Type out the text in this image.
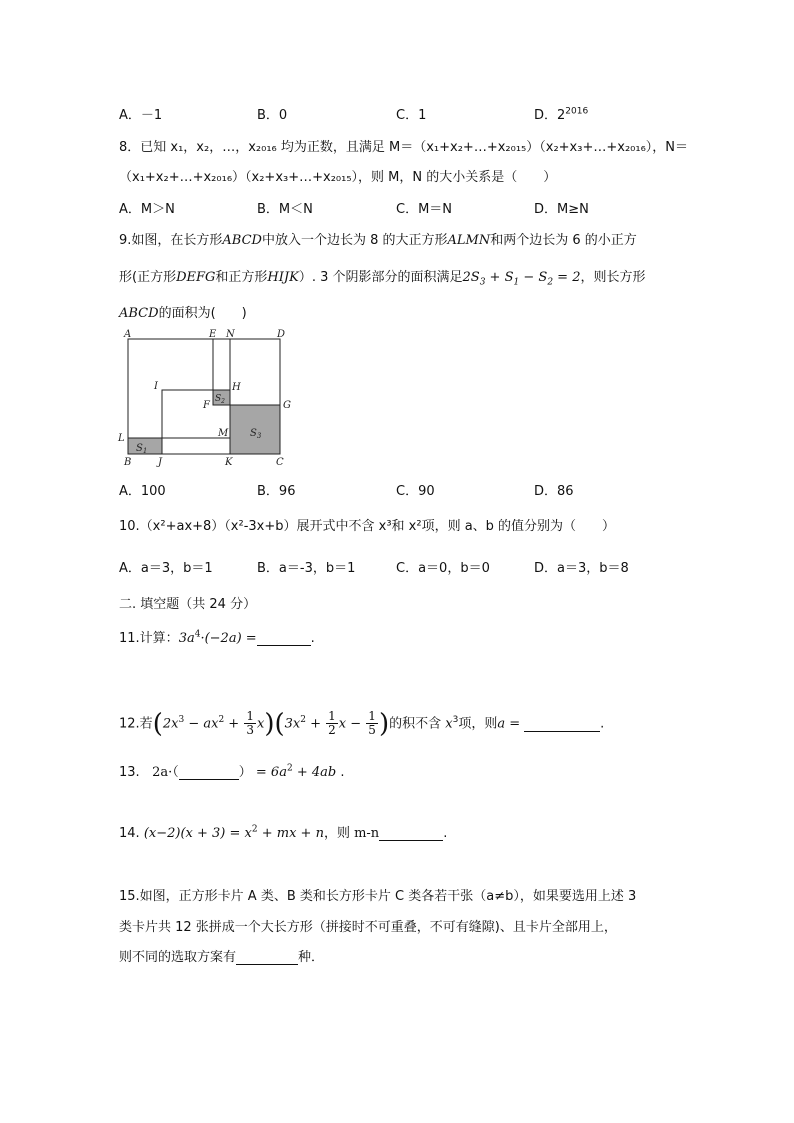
A．－1	B．0	C．1	D．$2^{2016}$
8．已知 x₁，x₂，…，x₂₀₁₆ 均为正数，且满足 M＝（x₁+x₂+…+x₂₀₁₅）（x₂+x₃+…+x₂₀₁₆），N＝
（x₁+x₂+…+x₂₀₁₆）（x₂+x₃+…+x₂₀₁₅），则 M，N 的大小关系是（　　）
A．M＞N	B．M＜N	C．M＝N	D．M≥N
9.如图，在长方形ABCD中放入一个边长为 8 的大正方形ALMN和两个边长为 6 的小正方
形(正方形DEFG和正方形HIJK）. 3 个阴影部分的面积满足$2S_3 + S_1 - S_2 = 2$，则长方形
ABCD的面积为(　　)
A	E N	D
I	H
F	G
L	M
B	J	K	C
$S_1$
$S_2$
$S_3$
A．100	B．96	C．90	D．86
10.（x²+ax+8）（x²-3x+b）展开式中不含 x³和 x²项，则 a、b 的值分别为（　　）
A．a＝3，b＝1	B．a＝-3，b＝1	C．a＝0，b＝0	D．a＝3，b＝8
二. 填空题（共 24 分）
11.计算：$3a^4\cdot(-2a)$ =	.
12.若$(2x^3 - ax^2 + \frac{1}{3} x)(3x^2 + \frac{1}{2}$ $x - \frac{1}{5}$ )的积不含 $x^3$项，则a =	.
13. 2a·（	） = $6a^2 + 4ab$ .
14. $(x-2)(x + 3) = x^2$ + mx + n，则 m-n	.
15.如图，正方形卡片 A 类、B 类和长方形卡片 C 类各若干张（a≠b），如果要选用上述 3
类卡片共 12 张拼成一个大长方形（拼接时不可重叠，不可有缝隙)、且卡片全部用上，
则不同的选取方案有	种．
